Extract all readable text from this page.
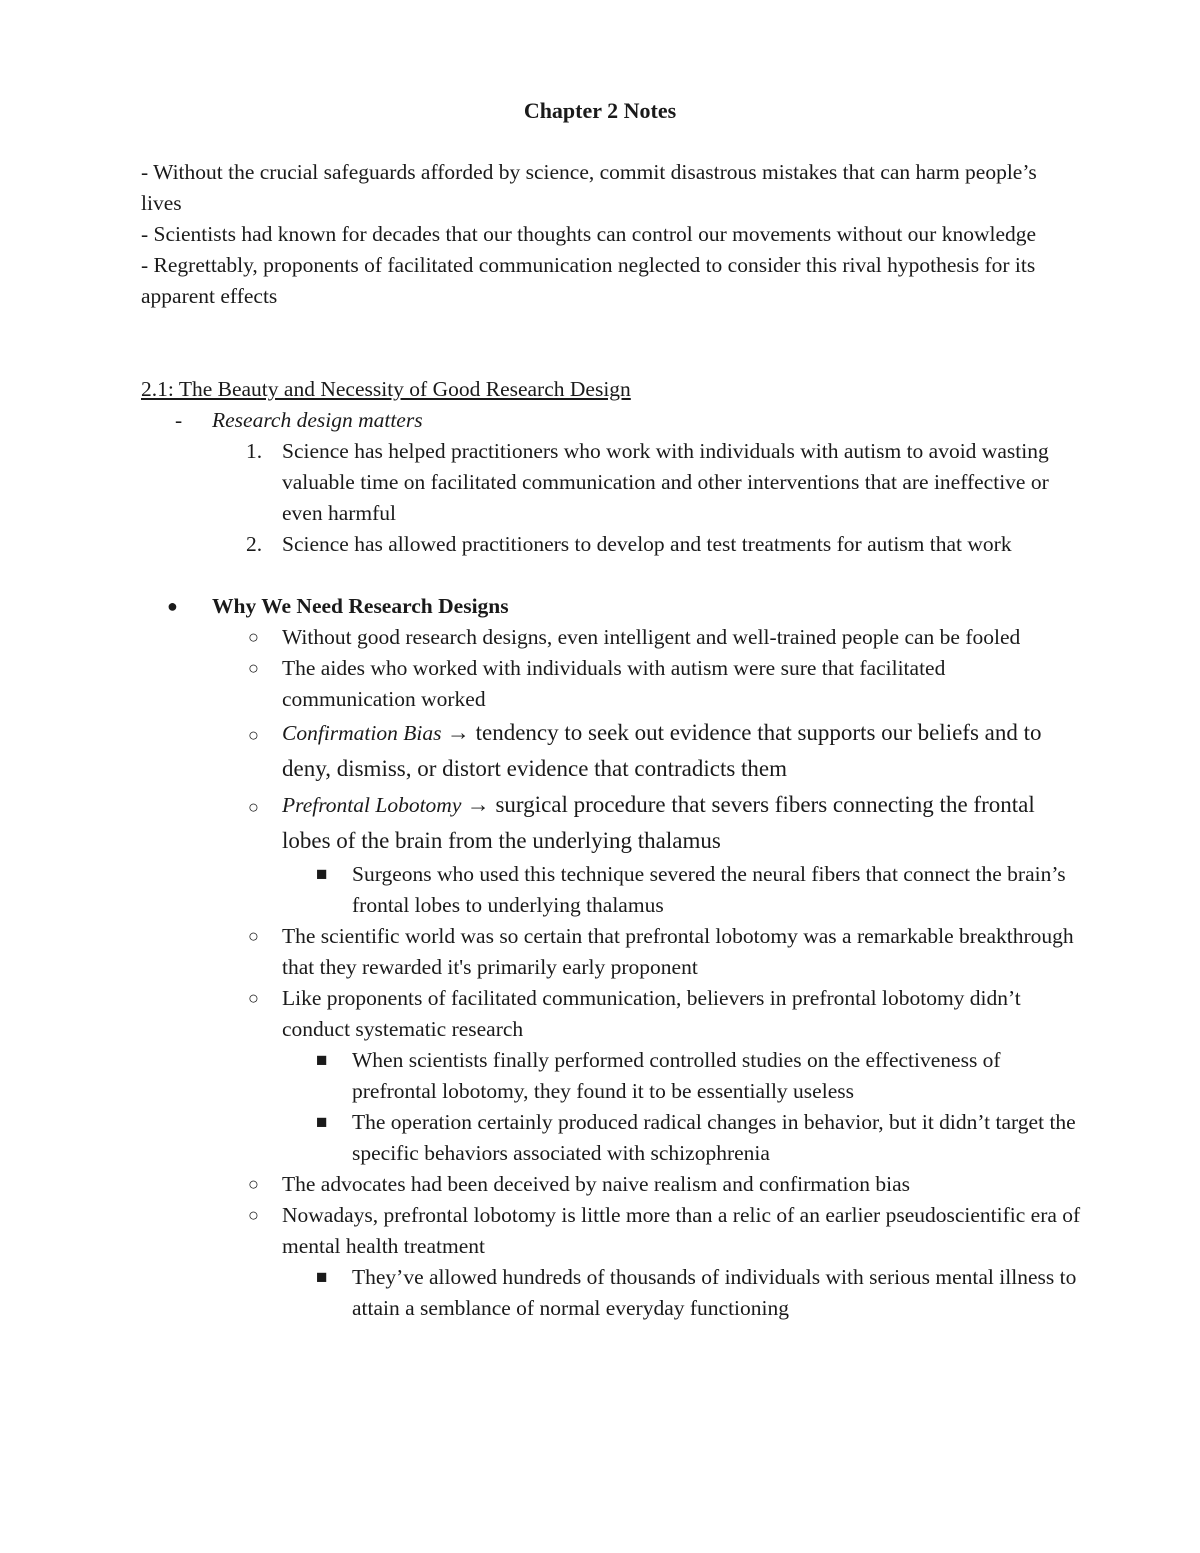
Chapter 2 Notes

- Without the crucial safeguards afforded by science, commit disastrous mistakes that can harm people’s lives

- Scientists had known for decades that our thoughts can control our movements without our knowledge

- Regrettably, proponents of facilitated communication neglected to consider this rival hypothesis for its apparent effects

2.1: The Beauty and Necessity of Good Research Design
-	Research design matters
1. Science has helped practitioners who work with individuals with autism to avoid wasting valuable time on facilitated communication and other interventions that are ineffective or even harmful
2. Science has allowed practitioners to develop and test treatments for autism that work
●	Why We Need Research Designs
○	Without good research designs, even intelligent and well-trained people can be fooled
○	The aides who worked with individuals with autism were sure that facilitated communication worked
○	Confirmation Bias → tendency to seek out evidence that supports our beliefs and to deny, dismiss, or distort evidence that contradicts them
○	Prefrontal Lobotomy → surgical procedure that severs fibers connecting the frontal lobes of the brain from the underlying thalamus
■	Surgeons who used this technique severed the neural fibers that connect the brain’s frontal lobes to underlying thalamus
○	The scientific world was so certain that prefrontal lobotomy was a remarkable breakthrough that they rewarded it's primarily early proponent
○	Like proponents of facilitated communication, believers in prefrontal lobotomy didn’t conduct systematic research
■	When scientists finally performed controlled studies on the effectiveness of prefrontal lobotomy, they found it to be essentially useless
■	The operation certainly produced radical changes in behavior, but it didn’t target the specific behaviors associated with schizophrenia
○	The advocates had been deceived by naive realism and confirmation bias
○	Nowadays, prefrontal lobotomy is little more than a relic of an earlier pseudoscientific era of mental health treatment
■	They’ve allowed hundreds of thousands of individuals with serious mental illness to attain a semblance of normal everyday functioning
